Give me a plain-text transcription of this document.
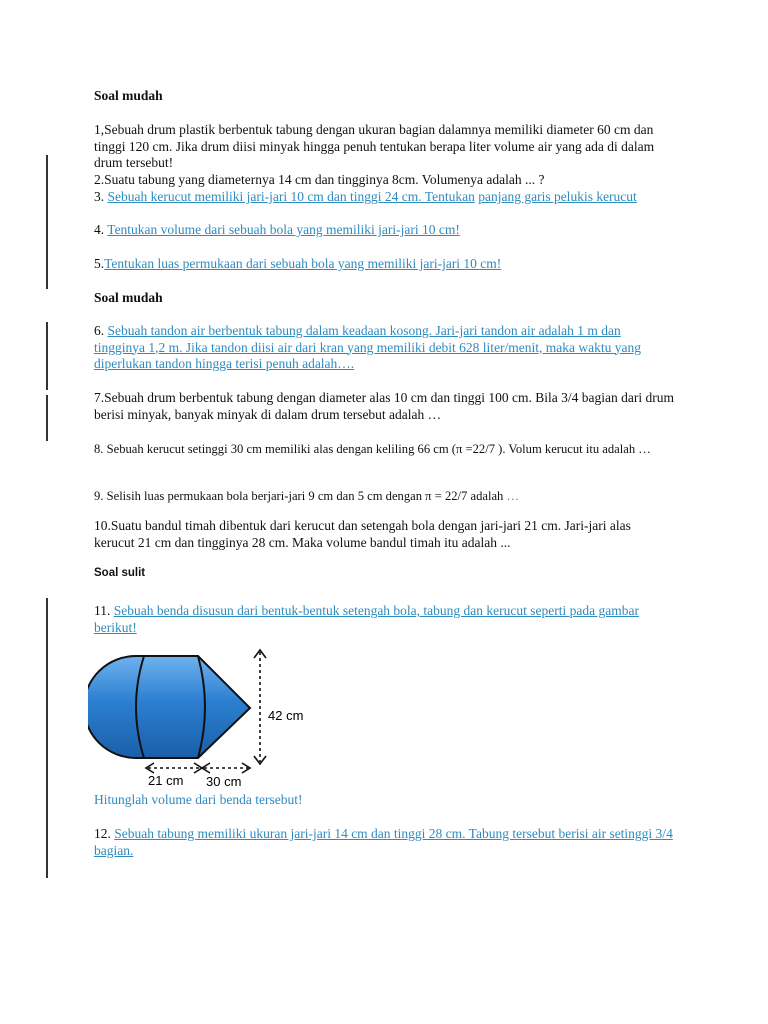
Soal mudah
1,Sebuah drum plastik berbentuk tabung dengan ukuran bagian dalamnya memiliki diameter 60 cm dan tinggi 120 cm. Jika drum diisi minyak hingga penuh tentukan berapa liter volume air yang ada di dalam drum tersebut!
2.Suatu tabung yang diameternya 14 cm dan tingginya 8cm. Volumenya adalah ... ?
3. Sebuah kerucut memiliki jari-jari 10 cm dan tinggi 24 cm. Tentukan panjang garis pelukis kerucut
4. Tentukan volume dari sebuah bola yang memiliki jari-jari 10 cm!
5.Tentukan luas permukaan dari sebuah bola yang memiliki jari-jari 10 cm!
Soal mudah
6. Sebuah tandon air berbentuk tabung dalam keadaan kosong. Jari-jari tandon air adalah 1 m dan tingginya 1,2 m. Jika tandon diisi air dari kran yang memiliki debit 628 liter/menit, maka waktu yang diperlukan tandon hingga terisi penuh adalah….
7.Sebuah drum berbentuk tabung dengan diameter alas 10 cm dan tinggi 100 cm. Bila 3/4 bagian dari drum berisi minyak, banyak minyak di dalam drum tersebut adalah …
8. Sebuah kerucut setinggi 30 cm memiliki alas dengan keliling 66 cm (π =22/7 ). Volum kerucut itu adalah …
9. Selisih luas permukaan bola berjari-jari 9 cm dan 5 cm dengan π = 22/7 adalah …
10.Suatu bandul timah dibentuk dari kerucut dan setengah bola dengan jari-jari 21 cm. Jari-jari alas kerucut 21 cm dan tingginya 28 cm. Maka volume bandul timah itu adalah ...
Soal sulit
11. Sebuah benda disusun dari bentuk-bentuk setengah bola, tabung dan kerucut seperti pada gambar berikut!
42 cm
21 cm 30 cm
Hitunglah volume dari benda tersebut!
12. Sebuah tabung memiliki ukuran jari-jari 14 cm dan tinggi 28 cm. Tabung tersebut berisi air setinggi 3/4 bagian.
